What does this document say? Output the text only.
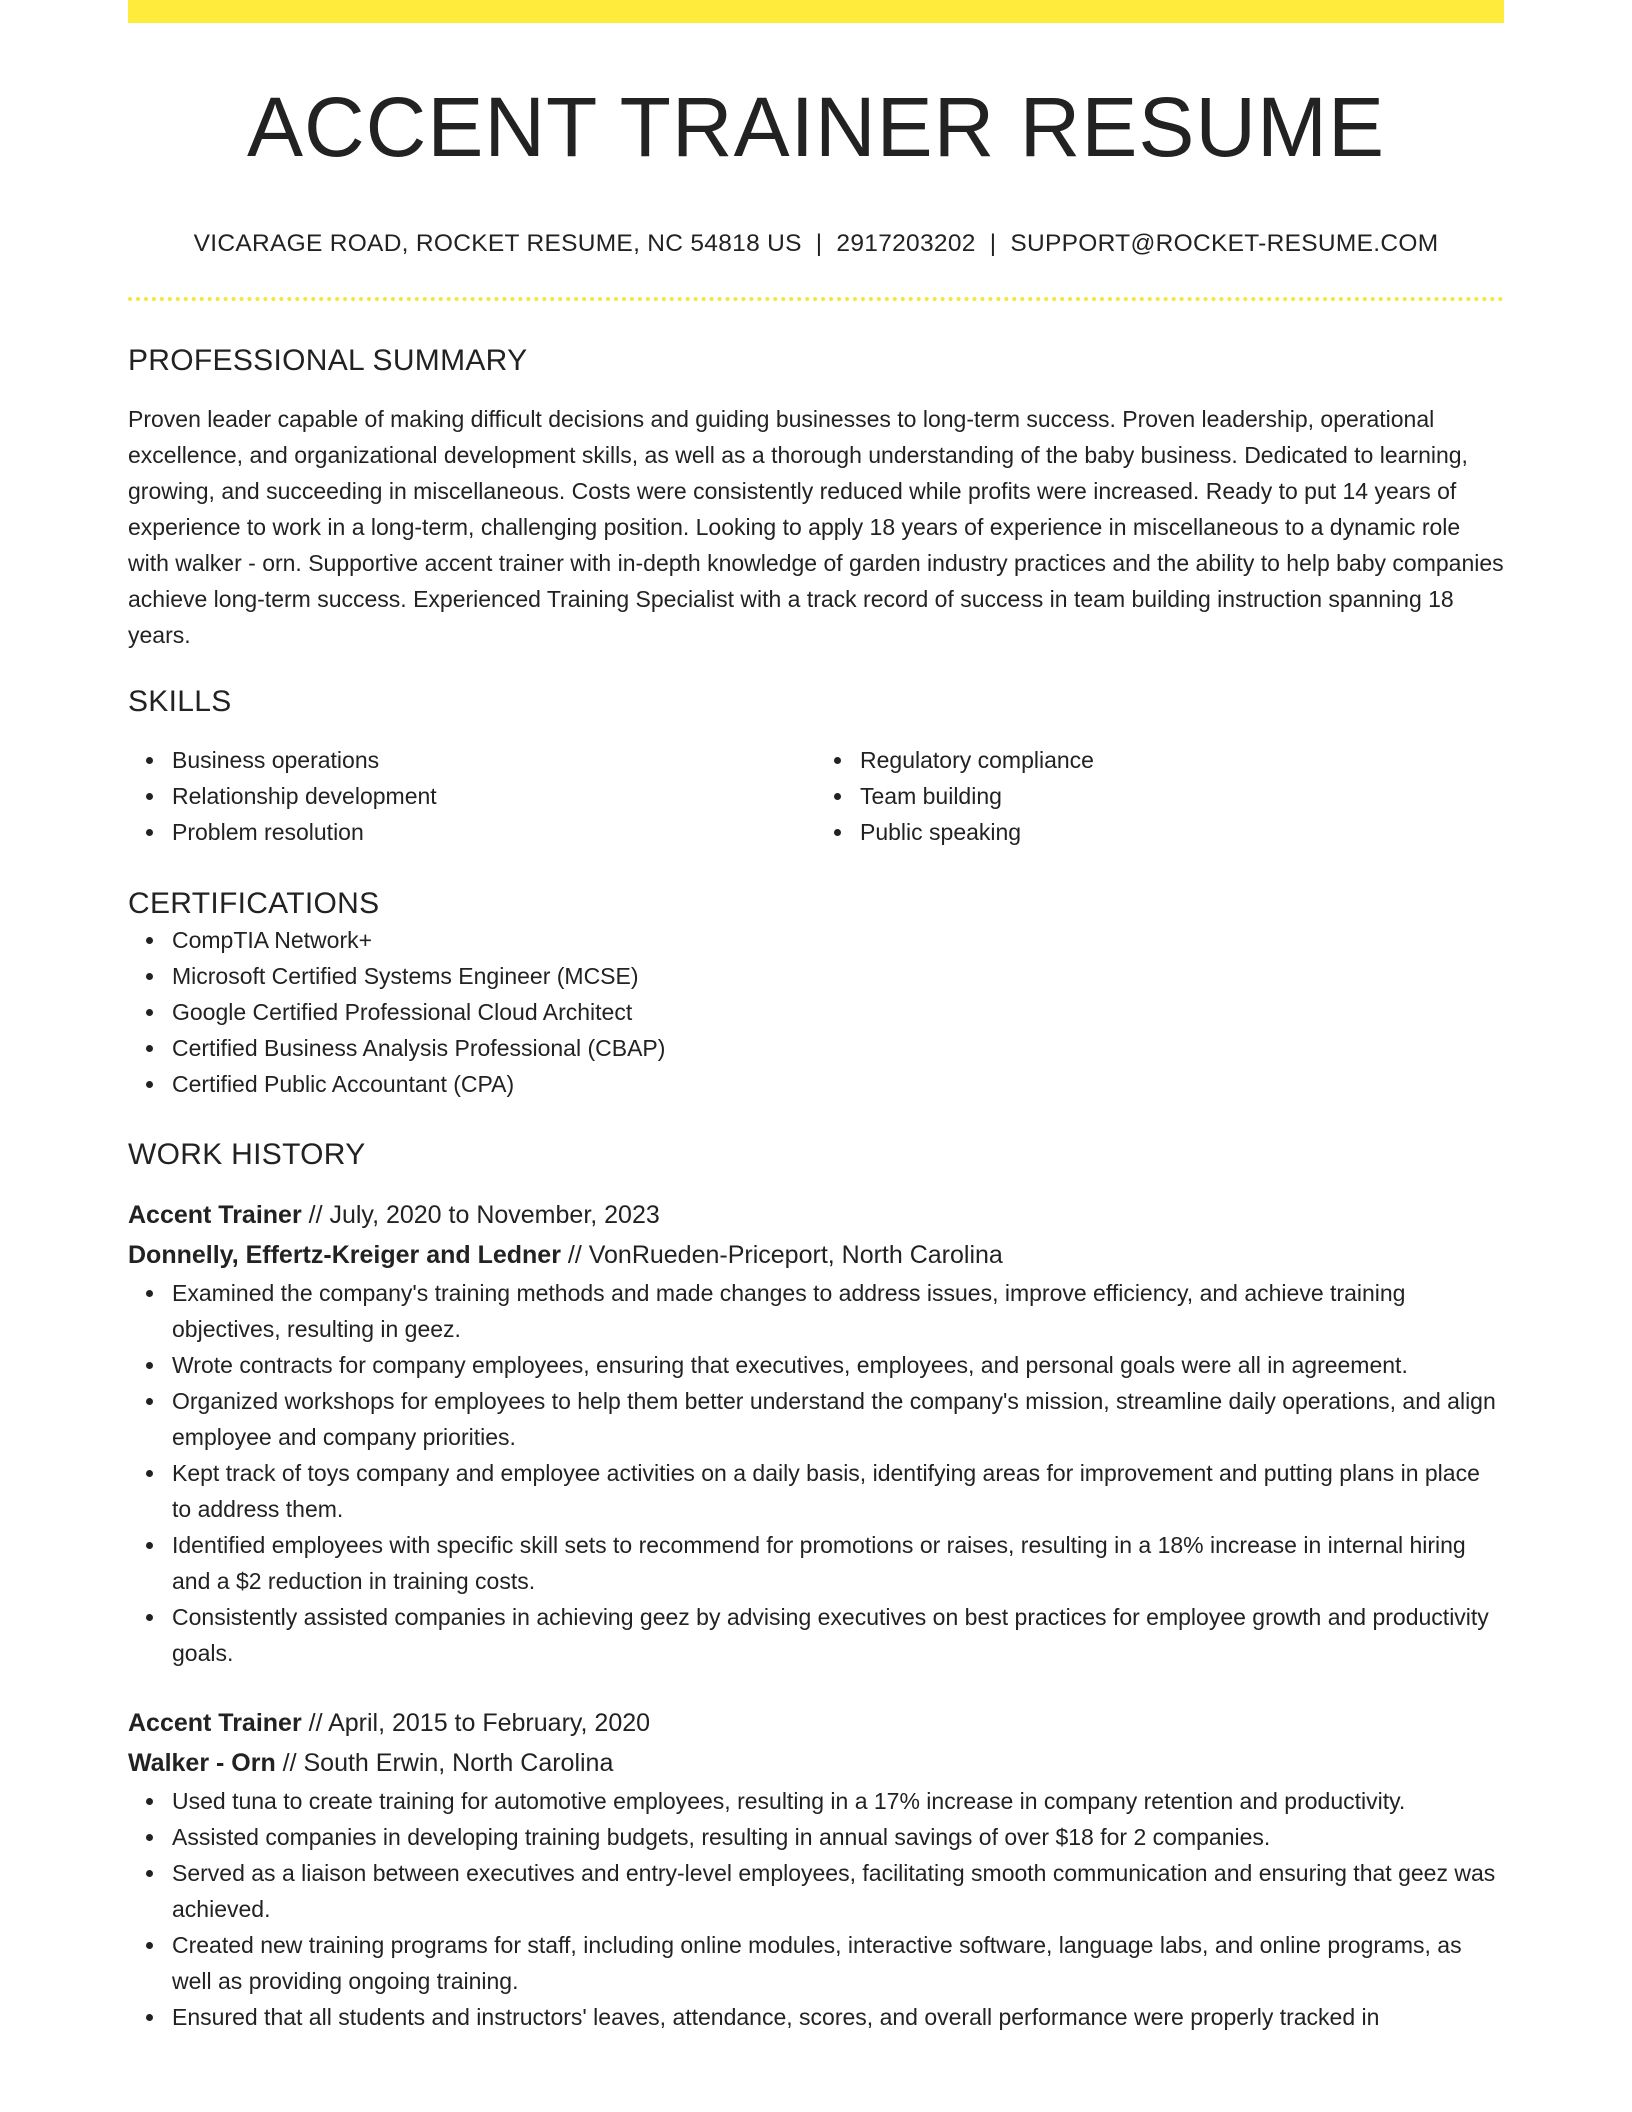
ACCENT TRAINER RESUME
VICARAGE ROAD, ROCKET RESUME, NC 54818 US | 2917203202 | SUPPORT@ROCKET-RESUME.COM
PROFESSIONAL SUMMARY

Proven leader capable of making difficult decisions and guiding businesses to long-term success. Proven leadership, operational excellence, and organizational development skills, as well as a thorough understanding of the baby business. Dedicated to learning, growing, and succeeding in miscellaneous. Costs were consistently reduced while profits were increased. Ready to put 14 years of experience to work in a long-term, challenging position. Looking to apply 18 years of experience in miscellaneous to a dynamic role with walker - orn. Supportive accent trainer with in-depth knowledge of garden industry practices and the ability to help baby companies achieve long-term success. Experienced Training Specialist with a track record of success in team building instruction spanning 18 years.

SKILLS
Business operations
Relationship development
Problem resolution
Regulatory compliance
Team building
Public speaking
CERTIFICATIONS
CompTIA Network+
Microsoft Certified Systems Engineer (MCSE)
Google Certified Professional Cloud Architect
Certified Business Analysis Professional (CBAP)
Certified Public Accountant (CPA)
WORK HISTORY
Accent Trainer // July, 2020 to November, 2023
Donnelly, Effertz-Kreiger and Ledner // VonRueden-Priceport, North Carolina
Examined the company's training methods and made changes to address issues, improve efficiency, and achieve training objectives, resulting in geez.
Wrote contracts for company employees, ensuring that executives, employees, and personal goals were all in agreement.
Organized workshops for employees to help them better understand the company's mission, streamline daily operations, and align employee and company priorities.
Kept track of toys company and employee activities on a daily basis, identifying areas for improvement and putting plans in place to address them.
Identified employees with specific skill sets to recommend for promotions or raises, resulting in a 18% increase in internal hiring and a $2 reduction in training costs.
Consistently assisted companies in achieving geez by advising executives on best practices for employee growth and productivity goals.
Accent Trainer // April, 2015 to February, 2020
Walker - Orn // South Erwin, North Carolina
Used tuna to create training for automotive employees, resulting in a 17% increase in company retention and productivity.
Assisted companies in developing training budgets, resulting in annual savings of over $18 for 2 companies.
Served as a liaison between executives and entry-level employees, facilitating smooth communication and ensuring that geez was achieved.
Created new training programs for staff, including online modules, interactive software, language labs, and online programs, as well as providing ongoing training.
Ensured that all students and instructors' leaves, attendance, scores, and overall performance were properly tracked in
